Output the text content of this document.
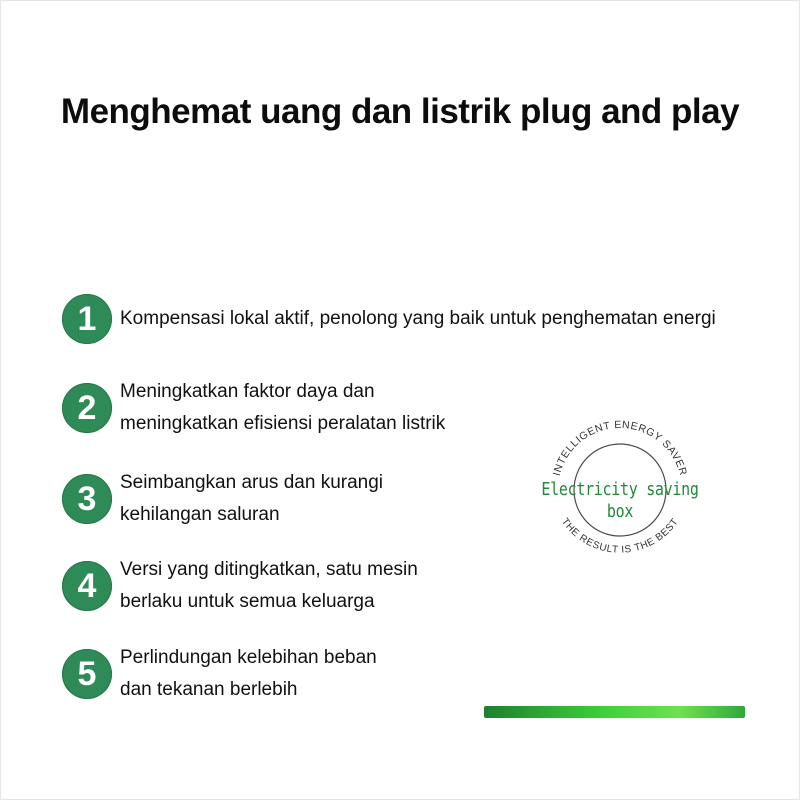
Menghemat uang dan listrik plug and play
1	Kompensasi lokal aktif, penolong yang baik untuk penghematan energi
2	Meningkatkan faktor daya dan
meningkatkan efisiensi peralatan listrik
3	Seimbangkan arus dan kurangi
kehilangan saluran
4	Versi yang ditingkatkan, satu mesin
berlaku untuk semua keluarga
5	Perlindungan kelebihan beban
dan tekanan berlebih
INTELLIGENT ENERGY SAVER
THE RESULT IS THE BEST
Electricity saving box
